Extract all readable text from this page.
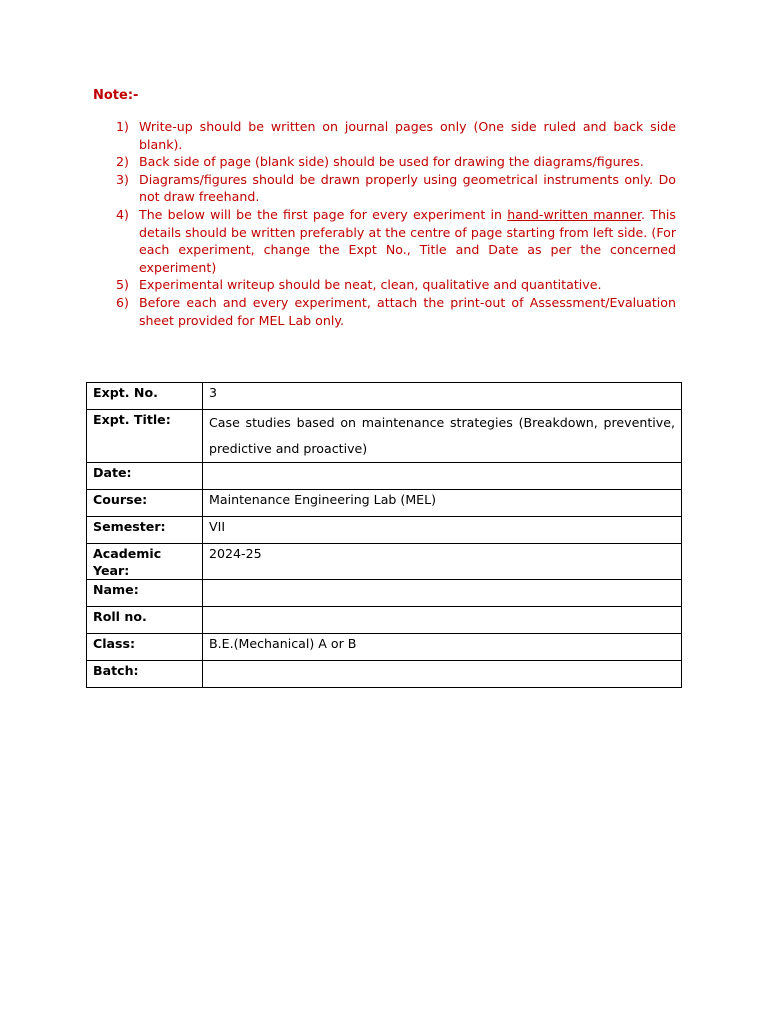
Note:-
1) Write-up should be written on journal pages only (One side ruled and back side blank).
2) Back side of page (blank side) should be used for drawing the diagrams/figures.
3) Diagrams/figures should be drawn properly using geometrical instruments only. Do not draw freehand.
4) The below will be the first page for every experiment in hand-written manner. This details should be written preferably at the centre of page starting from left side. (For each experiment, change the Expt No., Title and Date as per the concerned experiment)
5) Experimental writeup should be neat, clean, qualitative and quantitative.
6) Before each and every experiment, attach the print-out of Assessment/Evaluation sheet provided for MEL Lab only.
Expt. No.	3
Expt. Title:	Case studies based on maintenance strategies (Breakdown, preventive, predictive and proactive)
Date:	
Course:	Maintenance Engineering Lab (MEL)
Semester:	VII
Academic Year:	2024-25
Name:	
Roll no.	
Class:	B.E.(Mechanical) A or B
Batch:	
